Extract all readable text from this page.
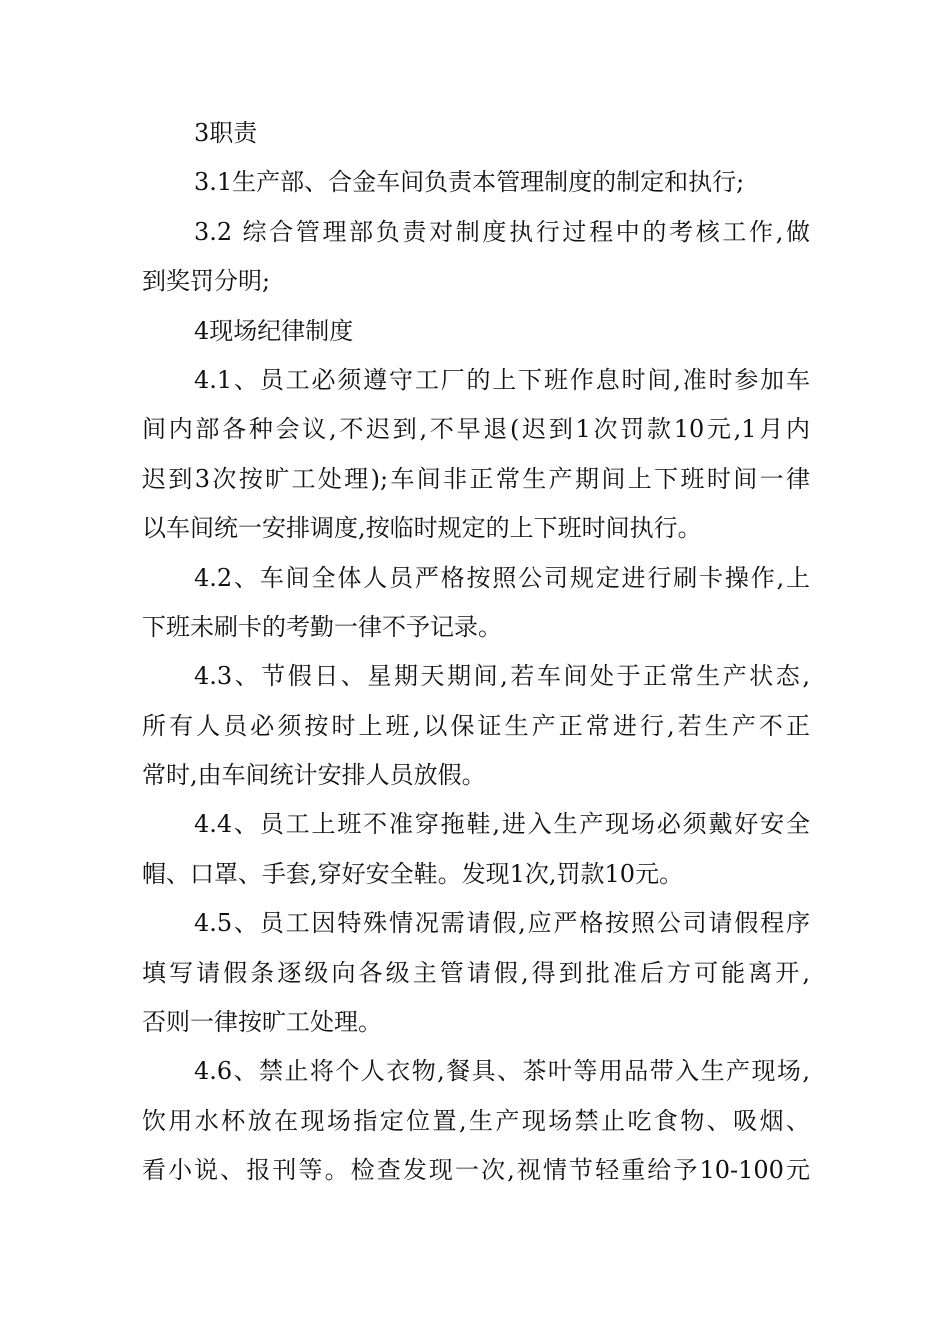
3职责
3.1生产部、合金车间负责本管理制度的制定和执行;
3.2 综合管理部负责对制度执行过程中的考核工作,做
到奖罚分明;
4现场纪律制度
4.1、员工必须遵守工厂的上下班作息时间,准时参加车
间内部各种会议,不迟到,不早退(迟到1次罚款10元,1月内
迟到3次按旷工处理);车间非正常生产期间上下班时间一律
以车间统一安排调度,按临时规定的上下班时间执行。
4.2、车间全体人员严格按照公司规定进行刷卡操作,上
下班未刷卡的考勤一律不予记录。
4.3、节假日、星期天期间,若车间处于正常生产状态,
所有人员必须按时上班,以保证生产正常进行,若生产不正
常时,由车间统计安排人员放假。
4.4、员工上班不准穿拖鞋,进入生产现场必须戴好安全
帽、口罩、手套,穿好安全鞋。发现1次,罚款10元。
4.5、员工因特殊情况需请假,应严格按照公司请假程序
填写请假条逐级向各级主管请假,得到批准后方可能离开,
否则一律按旷工处理。
4.6、禁止将个人衣物,餐具、茶叶等用品带入生产现场,
饮用水杯放在现场指定位置,生产现场禁止吃食物、吸烟、
看小说、报刊等。检查发现一次,视情节轻重给予10-100元
